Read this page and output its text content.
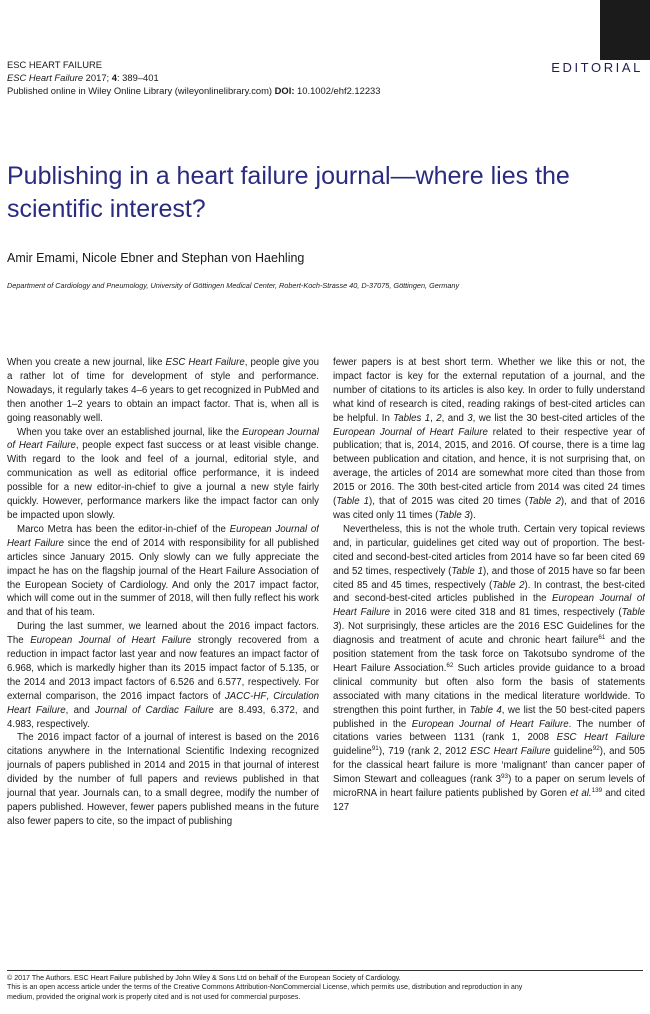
ESC HEART FAILURE
ESC Heart Failure 2017; 4: 389–401
Published online in Wiley Online Library (wileyonlinelibrary.com) DOI: 10.1002/ehf2.12233
EDITORIAL
Publishing in a heart failure journal—where lies the scientific interest?
Amir Emami, Nicole Ebner and Stephan von Haehling
Department of Cardiology and Pneumology, University of Göttingen Medical Center, Robert-Koch-Strasse 40, D-37075, Göttingen, Germany

When you create a new journal, like ESC Heart Failure, people give you a rather lot of time for development of style and performance. Nowadays, it regularly takes 4–6 years to get recognized in PubMed and then another 1–2 years to obtain an impact factor. That is, when all is going reasonably well.

When you take over an established journal, like the European Journal of Heart Failure, people expect fast success or at least visible change. With regard to the look and feel of a journal, editorial style, and communication as well as editorial office performance, it is indeed possible for a new editor-in-chief to give a journal a new style fairly quickly. However, performance markers like the impact factor can only be impacted upon slowly.

Marco Metra has been the editor-in-chief of the European Journal of Heart Failure since the end of 2014 with responsibility for all published articles since January 2015. Only slowly can we fully appreciate the impact he has on the flagship journal of the Heart Failure Association of the European Society of Cardiology. And only the 2017 impact factor, which will come out in the summer of 2018, will then fully reflect his work and that of his team.

During the last summer, we learned about the 2016 impact factors. The European Journal of Heart Failure strongly recovered from a reduction in impact factor last year and now features an impact factor of 6.968, which is markedly higher than its 2015 impact factor of 5.135, or the 2014 and 2013 impact factors of 6.526 and 6.577, respectively. For external comparison, the 2016 impact factors of JACC-HF, Circulation Heart Failure, and Journal of Cardiac Failure are 8.493, 6.372, and 4.983, respectively.

The 2016 impact factor of a journal of interest is based on the 2016 citations anywhere in the International Scientific Indexing recognized journals of papers published in 2014 and 2015 in that journal of interest divided by the number of full papers and reviews published in that journal that year. Journals can, to a small degree, modify the number of papers published. However, fewer papers published means in the future also fewer papers to cite, so the impact of publishing

fewer papers is at best short term. Whether we like this or not, the impact factor is key for the external reputation of a journal, and the number of citations to its articles is also key. In order to fully understand what kind of research is cited, reading rakings of best-cited articles can be helpful. In Tables 1, 2, and 3, we list the 30 best-cited articles of the European Journal of Heart Failure related to their respective year of publication; that is, 2014, 2015, and 2016. Of course, there is a time lag between publication and citation, and hence, it is not surprising that, on average, the articles of 2014 are somewhat more cited than those from 2015 or 2016. The 30th best-cited article from 2014 was cited 24 times (Table 1), that of 2015 was cited 20 times (Table 2), and that of 2016 was cited only 11 times (Table 3).

Nevertheless, this is not the whole truth. Certain very topical reviews and, in particular, guidelines get cited way out of proportion. The best-cited and second-best-cited articles from 2014 have so far been cited 69 and 52 times, respectively (Table 1), and those of 2015 have so far been cited 85 and 45 times, respectively (Table 2). In contrast, the best-cited and second-best-cited articles published in the European Journal of Heart Failure in 2016 were cited 318 and 81 times, respectively (Table 3). Not surprisingly, these articles are the 2016 ESC Guidelines for the diagnosis and treatment of acute and chronic heart failure$^{61}$ and the position statement from the task force on Takotsubo syndrome of the Heart Failure Association.$^{62}$ Such articles provide guidance to a broad clinical community but often also form the basis of statements associated with many citations in the medical literature worldwide. To strengthen this point further, in Table 4, we list the 50 best-cited papers published in the European Journal of Heart Failure. The number of citations varies between 1131 (rank 1, 2008 ESC Heart Failure guideline$^{91}$), 719 (rank 2, 2012 ESC Heart Failure guideline$^{92}$), and 505 for the classical heart failure is more ‘malignant’ than cancer paper of Simon Stewart and colleagues (rank $3^{93}$) to a paper on serum levels of microRNA in heart failure patients published by Goren et al.$^{139}$ and cited 127

© 2017 The Authors. ESC Heart Failure published by John Wiley & Sons Ltd on behalf of the European Society of Cardiology.
This is an open access article under the terms of the Creative Commons Attribution-NonCommercial License, which permits use, distribution and reproduction in any
medium, provided the original work is properly cited and is not used for commercial purposes.
